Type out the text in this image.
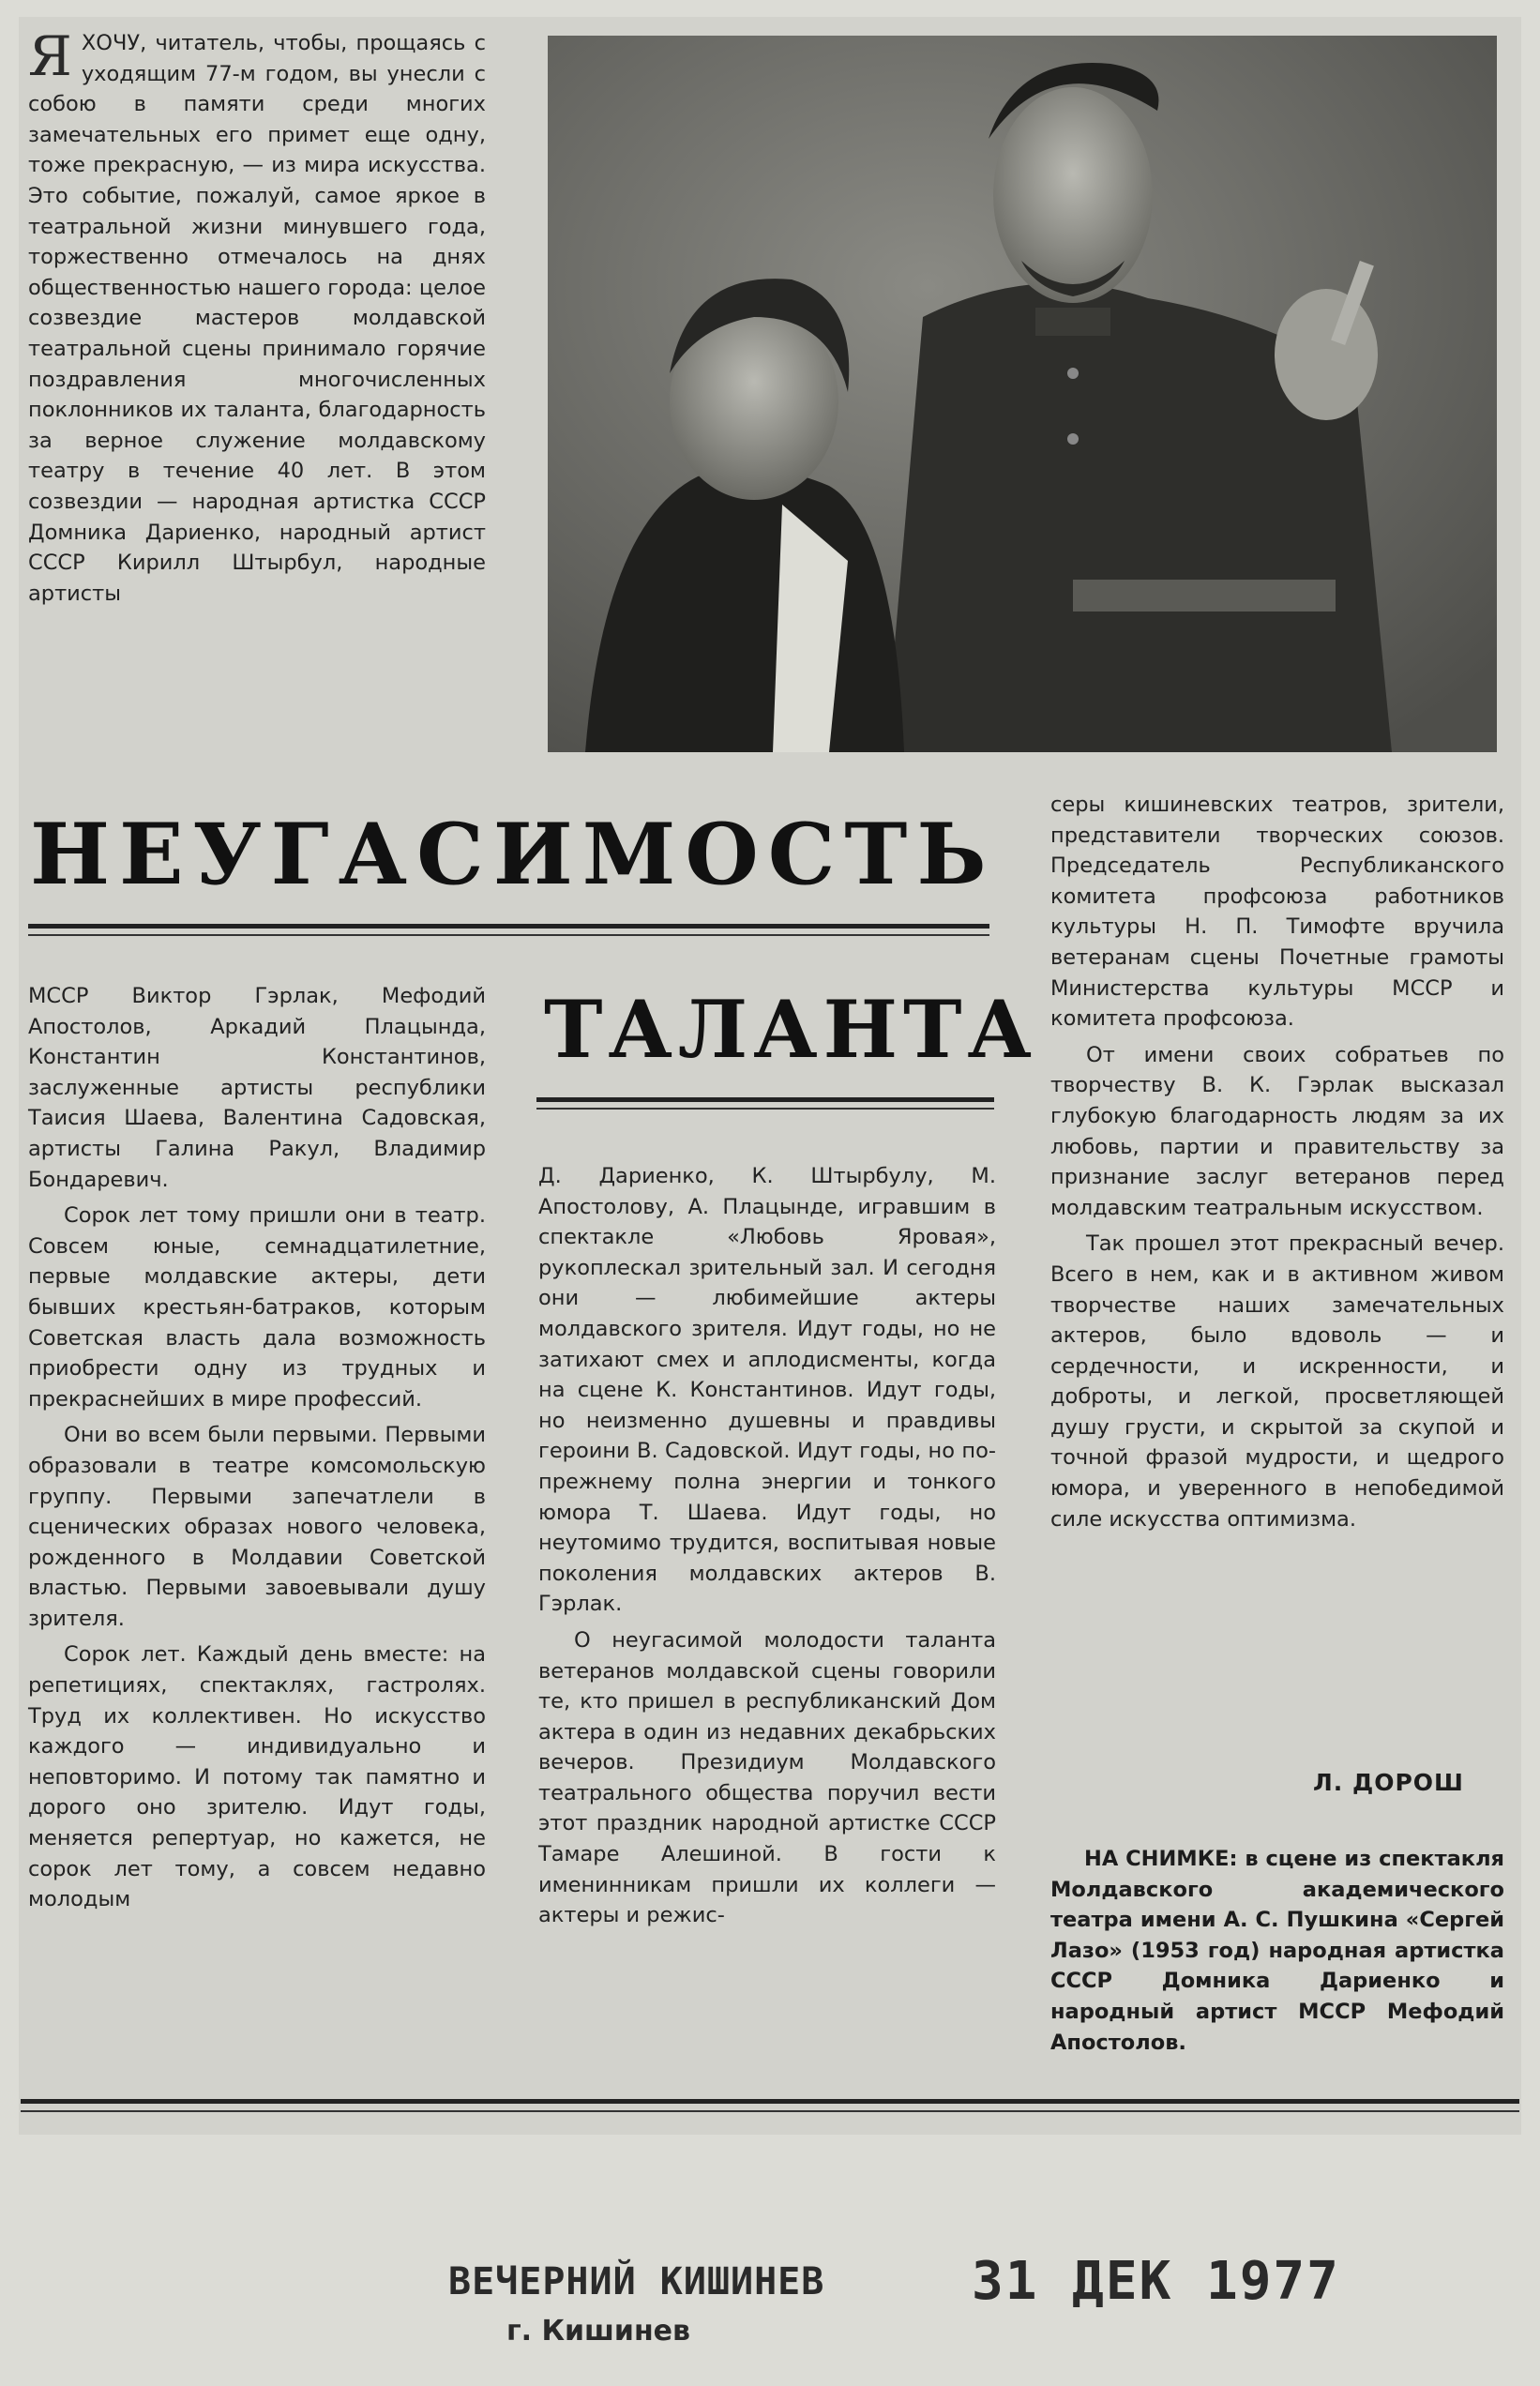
Я ХОЧУ, читатель, чтобы, прощаясь с уходящим 77-м годом, вы унесли с собою в памяти среди многих замечательных его примет еще одну, тоже прекрасную, — из мира искусства. Это событие, пожалуй, самое яркое в театральной жизни минувшего года, торжественно отмечалось на днях общественностью нашего города: целое созвездие мастеров молдавской театральной сцены принимало горячие поздравления многочисленных поклонников их таланта, благодарность за верное служение молдавскому театру в течение 40 лет. В этом созвездии — народная артистка СССР Домника Дариенко, народный артист СССР Кирилл Штырбул, народные артисты
НЕУГАСИМОСТЬ
ТАЛАНТА

МССР Виктор Гэрлак, Мефодий Апостолов, Аркадий Плацында, Константин Константинов, заслуженные артисты республики Таисия Шаева, Валентина Садовская, артисты Галина Ракул, Владимир Бондаревич.

Сорок лет тому пришли они в театр. Совсем юные, семнадцатилетние, первые молдавские актеры, дети бывших крестьян-батраков, которым Советская власть дала возможность приобрести одну из трудных и прекраснейших в мире профессий.

Они во всем были первыми. Первыми образовали в театре комсомольскую группу. Первыми запечатлели в сценических образах нового человека, рожденного в Молдавии Советской властью. Первыми завоевывали душу зрителя.

Сорок лет. Каждый день вместе: на репетициях, спектаклях, гастролях. Труд их коллективен. Но искусство каждого — индивидуально и неповторимо. И потому так памятно и дорого оно зрителю. Идут годы, меняется репертуар, но кажется, не сорок лет тому, а совсем недавно молодым

Д. Дариенко, К. Штырбулу, М. Апостолову, А. Плацынде, игравшим в спектакле «Любовь Яровая», рукоплескал зрительный зал. И сегодня они — любимейшие актеры молдавского зрителя. Идут годы, но не затихают смех и аплодисменты, когда на сцене К. Константинов. Идут годы, но неизменно душевны и правдивы героини В. Садовской. Идут годы, но по-прежнему полна энергии и тонкого юмора Т. Шаева. Идут годы, но неутомимо трудится, воспитывая новые поколения молдавских актеров В. Гэрлак.

О неугасимой молодости таланта ветеранов молдавской сцены говорили те, кто пришел в республиканский Дом актера в один из недавних декабрьских вечеров. Президиум Молдавского театрального общества поручил вести этот праздник народной артистке СССР Тамаре Алешиной. В гости к именинникам пришли их коллеги — актеры и режис-

серы кишиневских театров, зрители, представители творческих союзов. Председатель Республиканского комитета профсоюза работников культуры Н. П. Тимофте вручила ветеранам сцены Почетные грамоты Министерства культуры МССР и комитета профсоюза.

От имени своих собратьев по творчеству В. К. Гэрлак высказал глубокую благодарность людям за их любовь, партии и правительству за признание заслуг ветеранов перед молдавским театральным искусством.

Так прошел этот прекрасный вечер. Всего в нем, как и в активном живом творчестве наших замечательных актеров, было вдоволь — и сердечности, и искренности, и доброты, и легкой, просветляющей душу грусти, и скрытой за скупой и точной фразой мудрости, и щедрого юмора, и уверенного в непобедимой силе искусства оптимизма.

Л. ДОРОШ
НА СНИМКЕ: в сцене из спектакля Молдавского академического театра имени А. С. Пушкина «Сергей Лазо» (1953 год) народная артистка СССР Домника Дариенко и народный артист МССР Мефодий Апостолов.
ВЕЧЕРНИЙ КИШИНЕВ
г. Кишинев
31 ДЕК 1977
